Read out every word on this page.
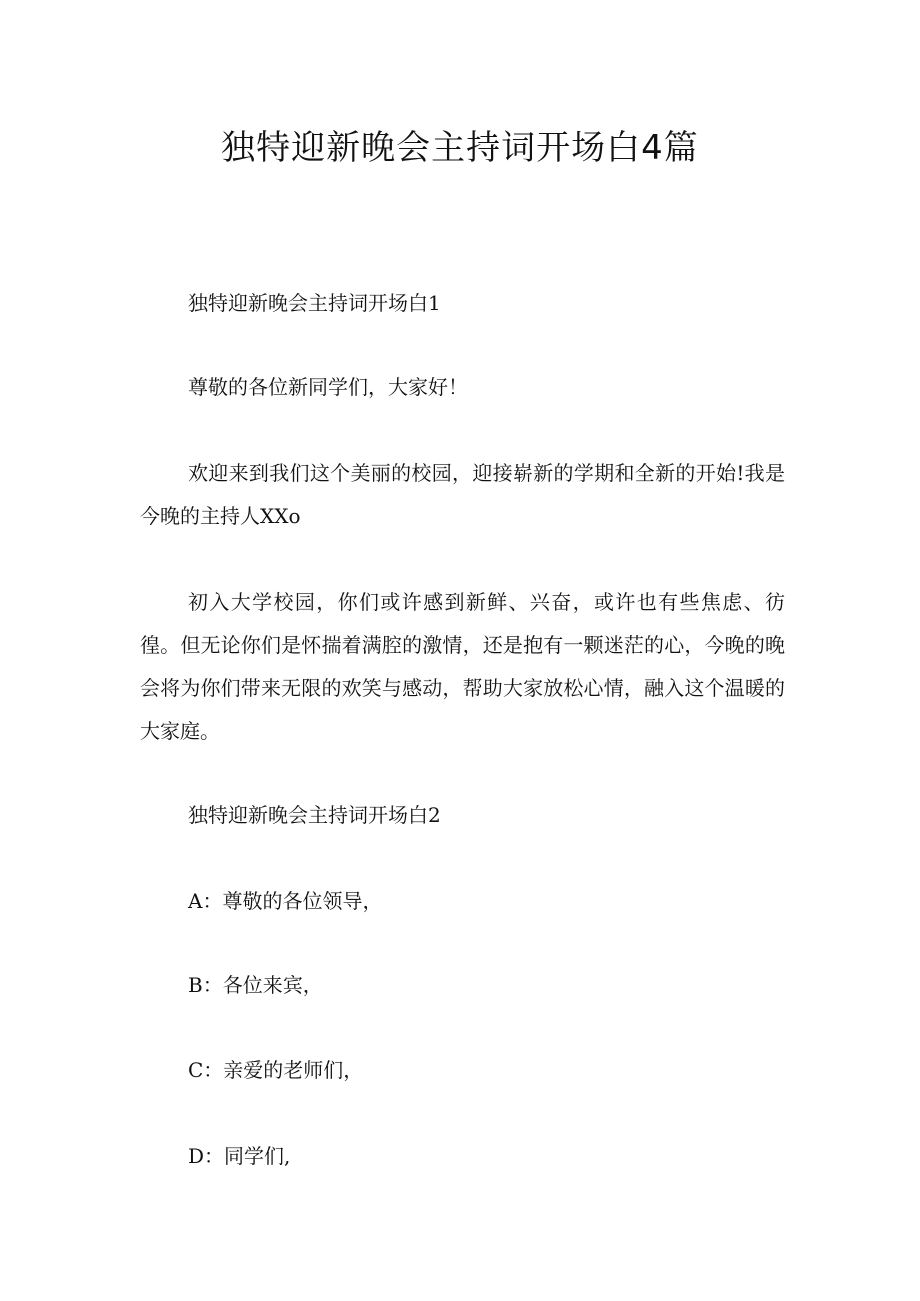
独特迎新晚会主持词开场白4篇

独特迎新晚会主持词开场白1

尊敬的各位新同学们，大家好！

欢迎来到我们这个美丽的校园，迎接崭新的学期和全新的开始!我是今晚的主持人XXo

初入大学校园，你们或许感到新鲜、兴奋，或许也有些焦虑、彷徨。但无论你们是怀揣着满腔的激情，还是抱有一颗迷茫的心，今晚的晚会将为你们带来无限的欢笑与感动，帮助大家放松心情，融入这个温暖的大家庭。

独特迎新晚会主持词开场白2

A：尊敬的各位领导，

B：各位来宾，

C：亲爱的老师们，

D：同学们,
